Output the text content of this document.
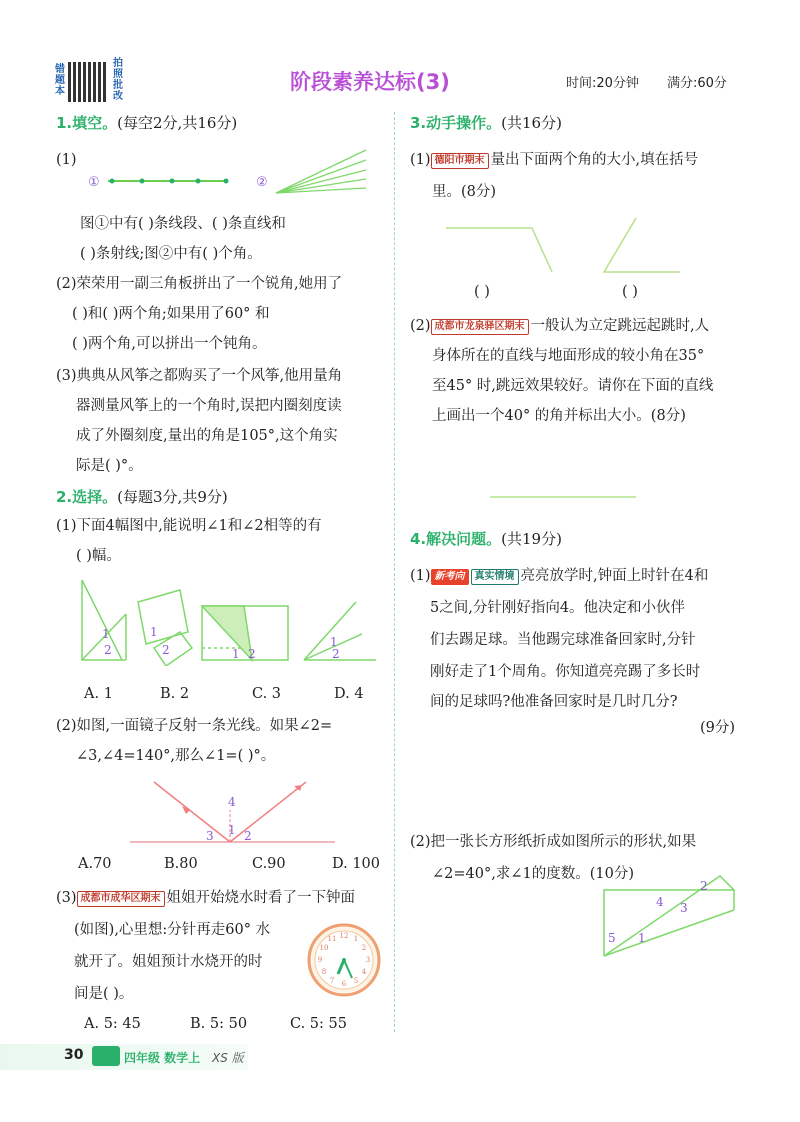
错题本
拍照批改
阶段素养达标(3)	时间:20分钟 满分:60分
1.填空。(每空2分,共16分)
(1)
①	②
图①中有( )条线段、( )条直线和
( )条射线;图②中有( )个角。
(2)荣荣用一副三角板拼出了一个锐角,她用了
( )和( )两个角;如果用了60° 和
( )两个角,可以拼出一个钝角。
(3)典典从风筝之都购买了一个风筝,他用量角
器测量风筝上的一个角时,误把内圈刻度读
成了外圈刻度,量出的角是105°,这个角实
际是( )°。
2.选择。(每题3分,共9分)
(1)下面4幅图中,能说明∠1和∠2相等的有
( )幅。
1
2
1
2	1 2
1
2
A. 1	B. 2	C. 3	D. 4
(2)如图,一面镜子反射一条光线。如果∠2=
∠3,∠4=140°,那么∠1=( )°。
4
1
3	2
A.70	B.80	C.90	D. 100
(3) 成都市成华区期末 姐姐开始烧水时看了一下钟面
(如图),心里想:分针再走60° 水
就开了。姐姐预计水烧开的时
间是( )。
12 1
2
3
4
5
6
7
8
9
10
11
A. 5: 45	B. 5: 50	C. 5: 55
3.动手操作。(共16分)
(1) 德阳市期末 量出下面两个角的大小,填在括号
里。(8分)
( )	( )
(2) 成都市龙泉驿区期末 一般认为立定跳远起跳时,人
身体所在的直线与地面形成的较小角在35°
至45° 时,跳远效果较好。请你在下面的直线
上画出一个40° 的角并标出大小。(8分)
4.解决问题。(共19分)
(1) 新考向 真实情境 亮亮放学时,钟面上时针在4和
5之间,分针刚好指向4。他决定和小伙伴
们去踢足球。当他踢完球准备回家时,分针
刚好走了1个周角。你知道亮亮踢了多长时
间的足球吗?他准备回家时是几时几分?
(9分)
(2)把一张长方形纸折成如图所示的形状,如果
∠2=40°,求∠1的度数。(10分)
2
4 3
5 1
30	四年级 数学上 XS 版
